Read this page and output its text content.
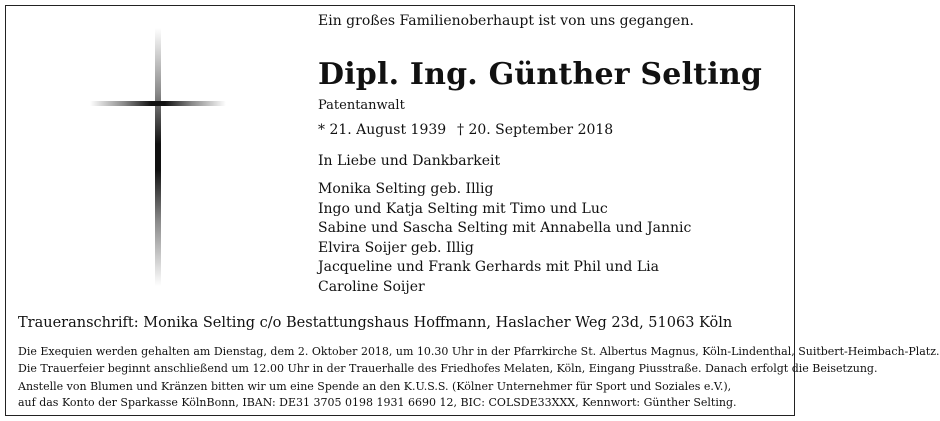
Ein großes Familienoberhaupt ist von uns gegangen.
Dipl. Ing. Günther Selting
Patentanwalt
* 21. August 1939 † 20. September 2018
In Liebe und Dankbarkeit
Monika Selting geb. Illig
Ingo und Katja Selting mit Timo und Luc
Sabine und Sascha Selting mit Annabella und Jannic
Elvira Soijer geb. Illig
Jacqueline und Frank Gerhards mit Phil und Lia
Caroline Soijer
Traueranschrift: Monika Selting c/o Bestattungshaus Hoffmann, Haslacher Weg 23d, 51063 Köln
Die Exequien werden gehalten am Dienstag, dem 2. Oktober 2018, um 10.30 Uhr in der Pfarrkirche St. Albertus Magnus, Köln-Lindenthal, Suitbert-Heimbach-Platz.
Die Trauerfeier beginnt anschließend um 12.00 Uhr in der Trauerhalle des Friedhofes Melaten, Köln, Eingang Piusstraße. Danach erfolgt die Beisetzung.
Anstelle von Blumen und Kränzen bitten wir um eine Spende an den K.U.S.S. (Kölner Unternehmer für Sport und Soziales e.V.),
auf das Konto der Sparkasse KölnBonn, IBAN: DE31 3705 0198 1931 6690 12, BIC: COLSDE33XXX, Kennwort: Günther Selting.
